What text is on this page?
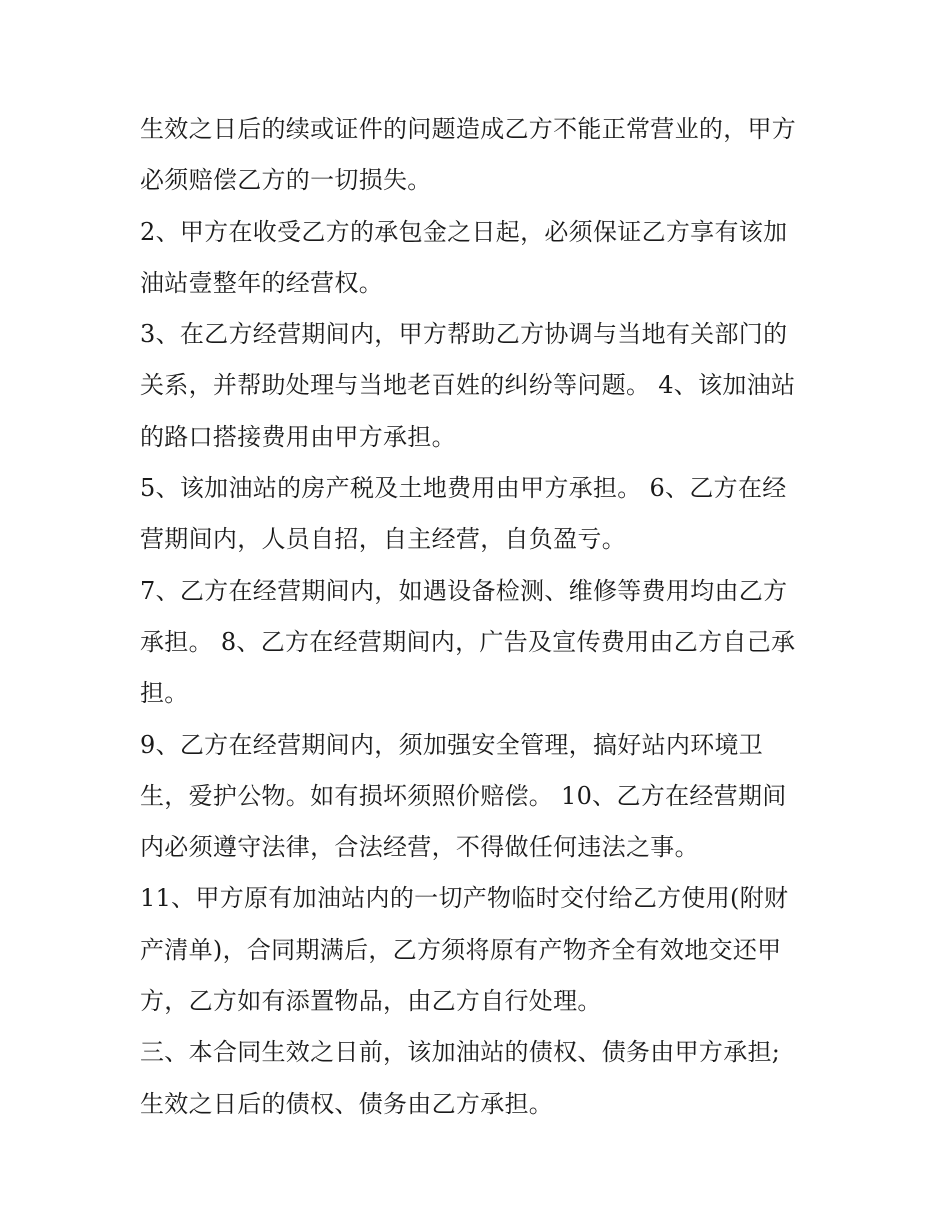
生效之日后的续或证件的问题造成乙方不能正常营业的，甲方
必须赔偿乙方的一切损失。
2、甲方在收受乙方的承包金之日起，必须保证乙方享有该加
油站壹整年的经营权。
3、在乙方经营期间内，甲方帮助乙方协调与当地有关部门的
关系，并帮助处理与当地老百姓的纠纷等问题。 4、该加油站
的路口搭接费用由甲方承担。
5、该加油站的房产税及土地费用由甲方承担。 6、乙方在经
营期间内，人员自招，自主经营，自负盈亏。
7、乙方在经营期间内，如遇设备检测、维修等费用均由乙方
承担。 8、乙方在经营期间内，广告及宣传费用由乙方自己承
担。
9、乙方在经营期间内，须加强安全管理，搞好站内环境卫
生，爱护公物。如有损坏须照价赔偿。 10、乙方在经营期间
内必须遵守法律，合法经营，不得做任何违法之事。
11、甲方原有加油站内的一切产物临时交付给乙方使用(附财
产清单)，合同期满后，乙方须将原有产物齐全有效地交还甲
方，乙方如有添置物品，由乙方自行处理。
三、本合同生效之日前，该加油站的债权、债务由甲方承担;
生效之日后的债权、债务由乙方承担。
